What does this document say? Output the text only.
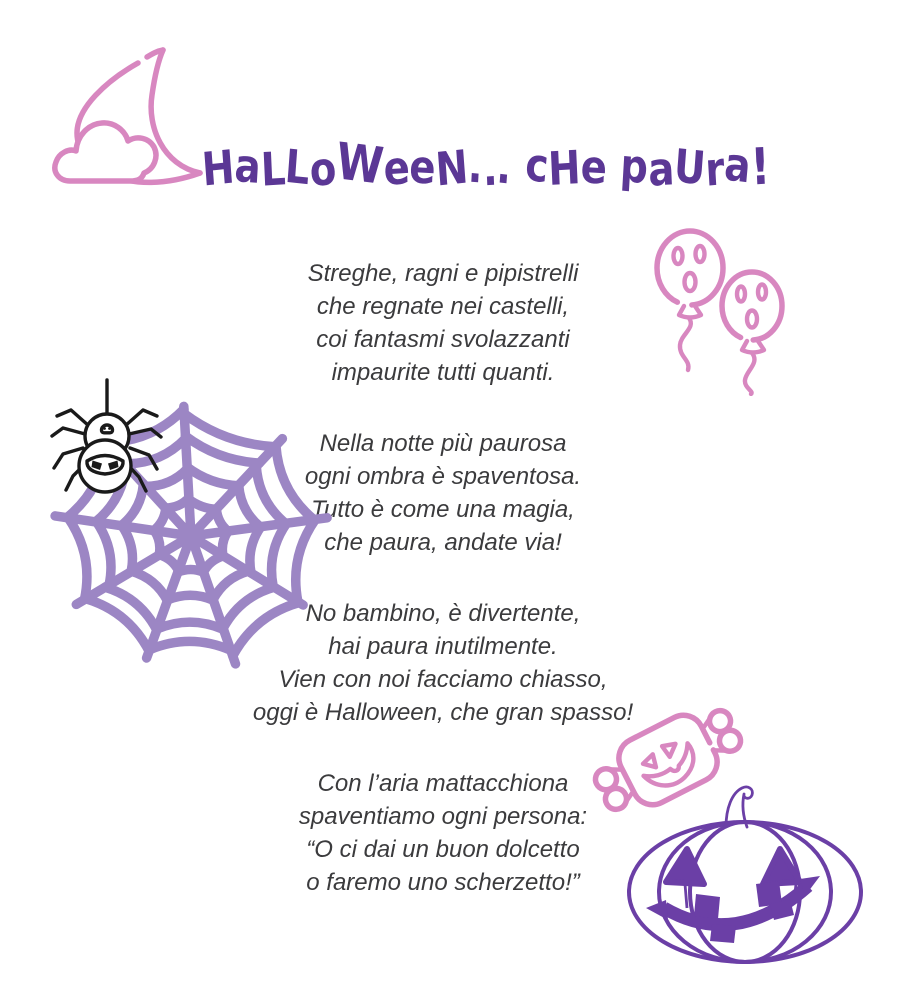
HaLLoWeeN... cHe paUra!

Streghe, ragni e pipistrelli

che regnate nei castelli,

coi fantasmi svolazzanti

impaurite tutti quanti.

Nella notte più paurosa

ogni ombra è spaventosa.

Tutto è come una magia,

che paura, andate via!

No bambino, è divertente,

hai paura inutilmente.

Vien con noi facciamo chiasso,

oggi è Halloween, che gran spasso!

Con l’aria mattacchiona

spaventiamo ogni persona:

“O ci dai un buon dolcetto

o faremo uno scherzetto!”
